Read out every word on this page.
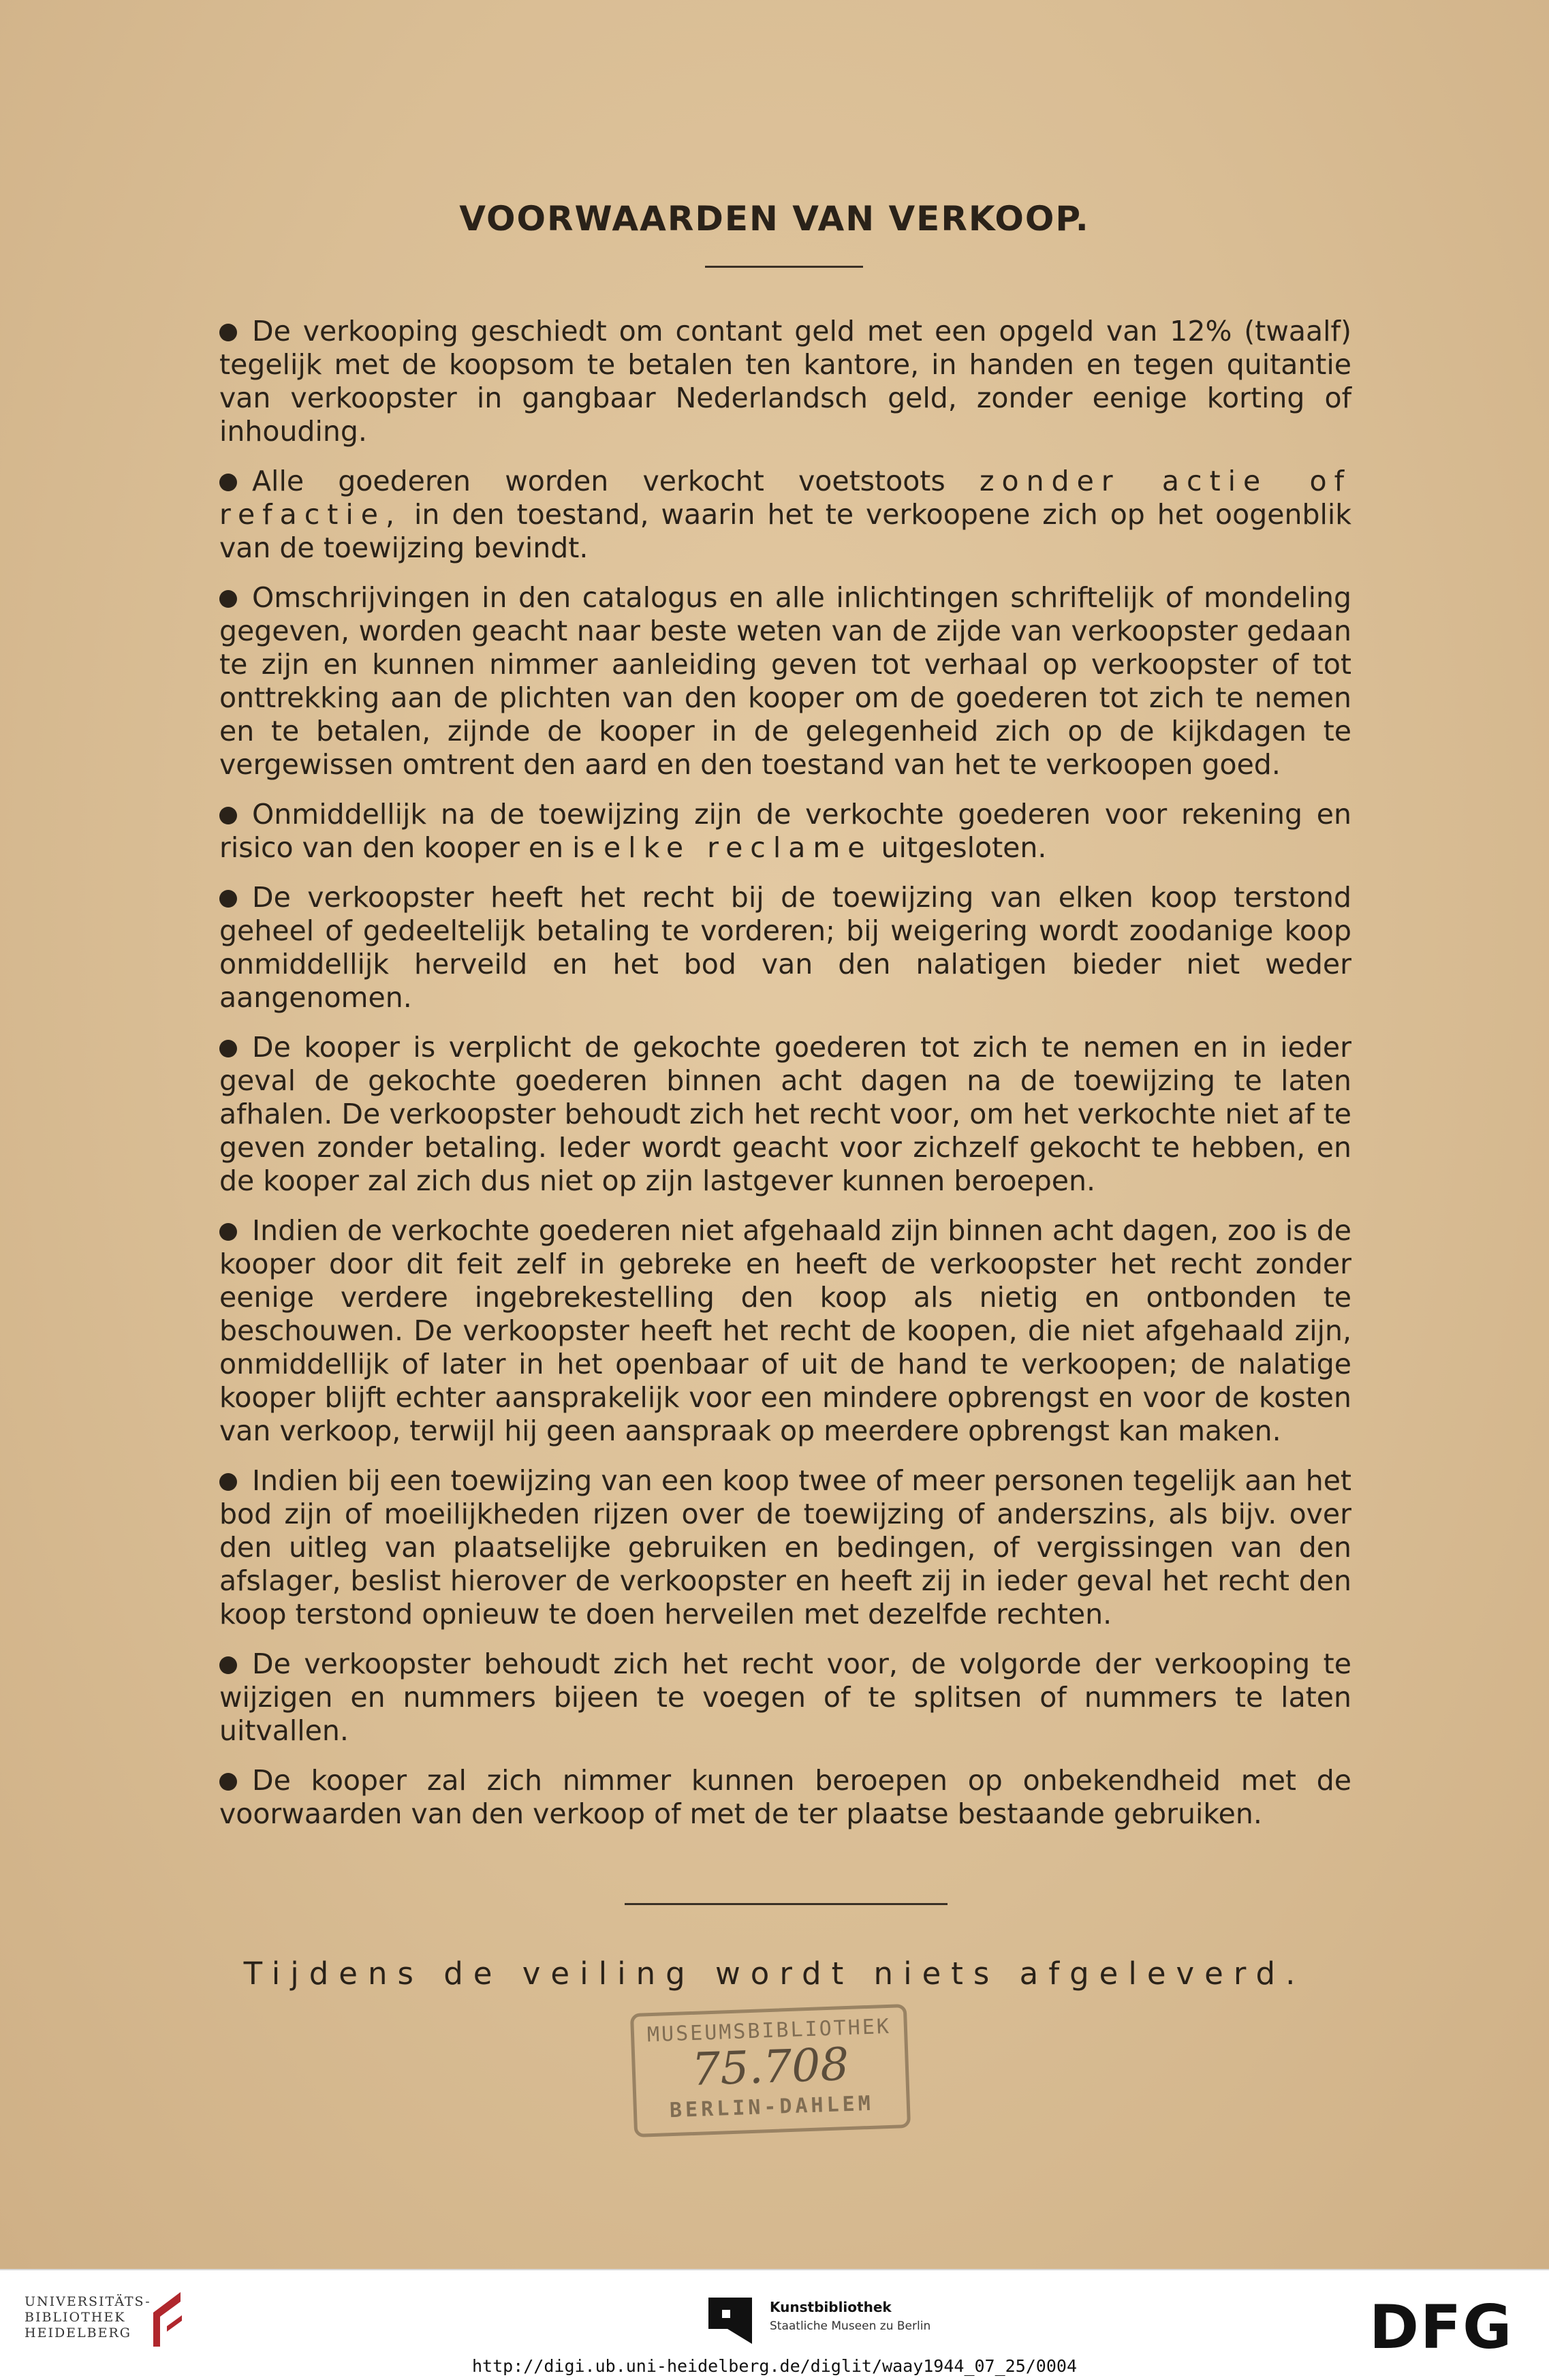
VOORWAARDEN VAN VERKOOP.

De verkooping geschiedt om contant geld met een opgeld van 12% (twaalf) tegelijk met de koopsom te betalen ten kantore, in handen en tegen quitantie van verkoopster in gangbaar Nederlandsch geld, zonder eenige korting of inhouding.

Alle goederen worden verkocht voetstoots zonder actie of refactie, in den toestand, waarin het te verkoopene zich op het oogenblik van de toewijzing bevindt.

Omschrijvingen in den catalogus en alle inlichtingen schriftelijk of mondeling gegeven, worden geacht naar beste weten van de zijde van verkoopster gedaan te zijn en kunnen nimmer aanleiding geven tot verhaal op verkoopster of tot onttrekking aan de plichten van den kooper om de goederen tot zich te nemen en te betalen, zijnde de kooper in de gelegenheid zich op de kijkdagen te vergewissen omtrent den aard en den toestand van het te verkoopen goed.

Onmiddellijk na de toewijzing zijn de verkochte goederen voor rekening en risico van den kooper en is elke reclame uitgesloten.

De verkoopster heeft het recht bij de toewijzing van elken koop terstond geheel of gedeeltelijk betaling te vorderen; bij weigering wordt zoodanige koop onmiddellijk herveild en het bod van den nalatigen bieder niet weder aangenomen.

De kooper is verplicht de gekochte goederen tot zich te nemen en in ieder geval de gekochte goederen binnen acht dagen na de toewijzing te laten afhalen. De verkoopster behoudt zich het recht voor, om het verkochte niet af te geven zonder betaling. Ieder wordt geacht voor zichzelf gekocht te hebben, en de kooper zal zich dus niet op zijn lastgever kunnen beroepen.

Indien de verkochte goederen niet afgehaald zijn binnen acht dagen, zoo is de kooper door dit feit zelf in gebreke en heeft de verkoopster het recht zonder eenige verdere ingebrekestelling den koop als nietig en ontbonden te beschouwen. De verkoopster heeft het recht de koopen, die niet afgehaald zijn, onmiddellijk of later in het openbaar of uit de hand te verkoopen; de nalatige kooper blijft echter aansprakelijk voor een mindere opbrengst en voor de kosten van verkoop, terwijl hij geen aanspraak op meerdere opbrengst kan maken.

Indien bij een toewijzing van een koop twee of meer personen tegelijk aan het bod zijn of moeilijkheden rijzen over de toewijzing of anderszins, als bijv. over den uitleg van plaatselijke gebruiken en bedingen, of vergissingen van den afslager, beslist hierover de verkoopster en heeft zij in ieder geval het recht den koop terstond opnieuw te doen herveilen met dezelfde rechten.

De verkoopster behoudt zich het recht voor, de volgorde der verkooping te wijzigen en nummers bijeen te voegen of te splitsen of nummers te laten uitvallen.

De kooper zal zich nimmer kunnen beroepen op onbekendheid met de voorwaarden van den verkoop of met de ter plaatse bestaande gebruiken.

Tijdens de veiling wordt niets afgeleverd.
MUSEUMSBIBLIOTHEK
75.708
BERLIN-DAHLEM
UNIVERSITÄTS-
BIBLIOTHEK
HEIDELBERG
Kunstbibliothek
Staatliche Museen zu Berlin	DFG
http://digi.ub.uni-heidelberg.de/diglit/waay1944_07_25/0004
